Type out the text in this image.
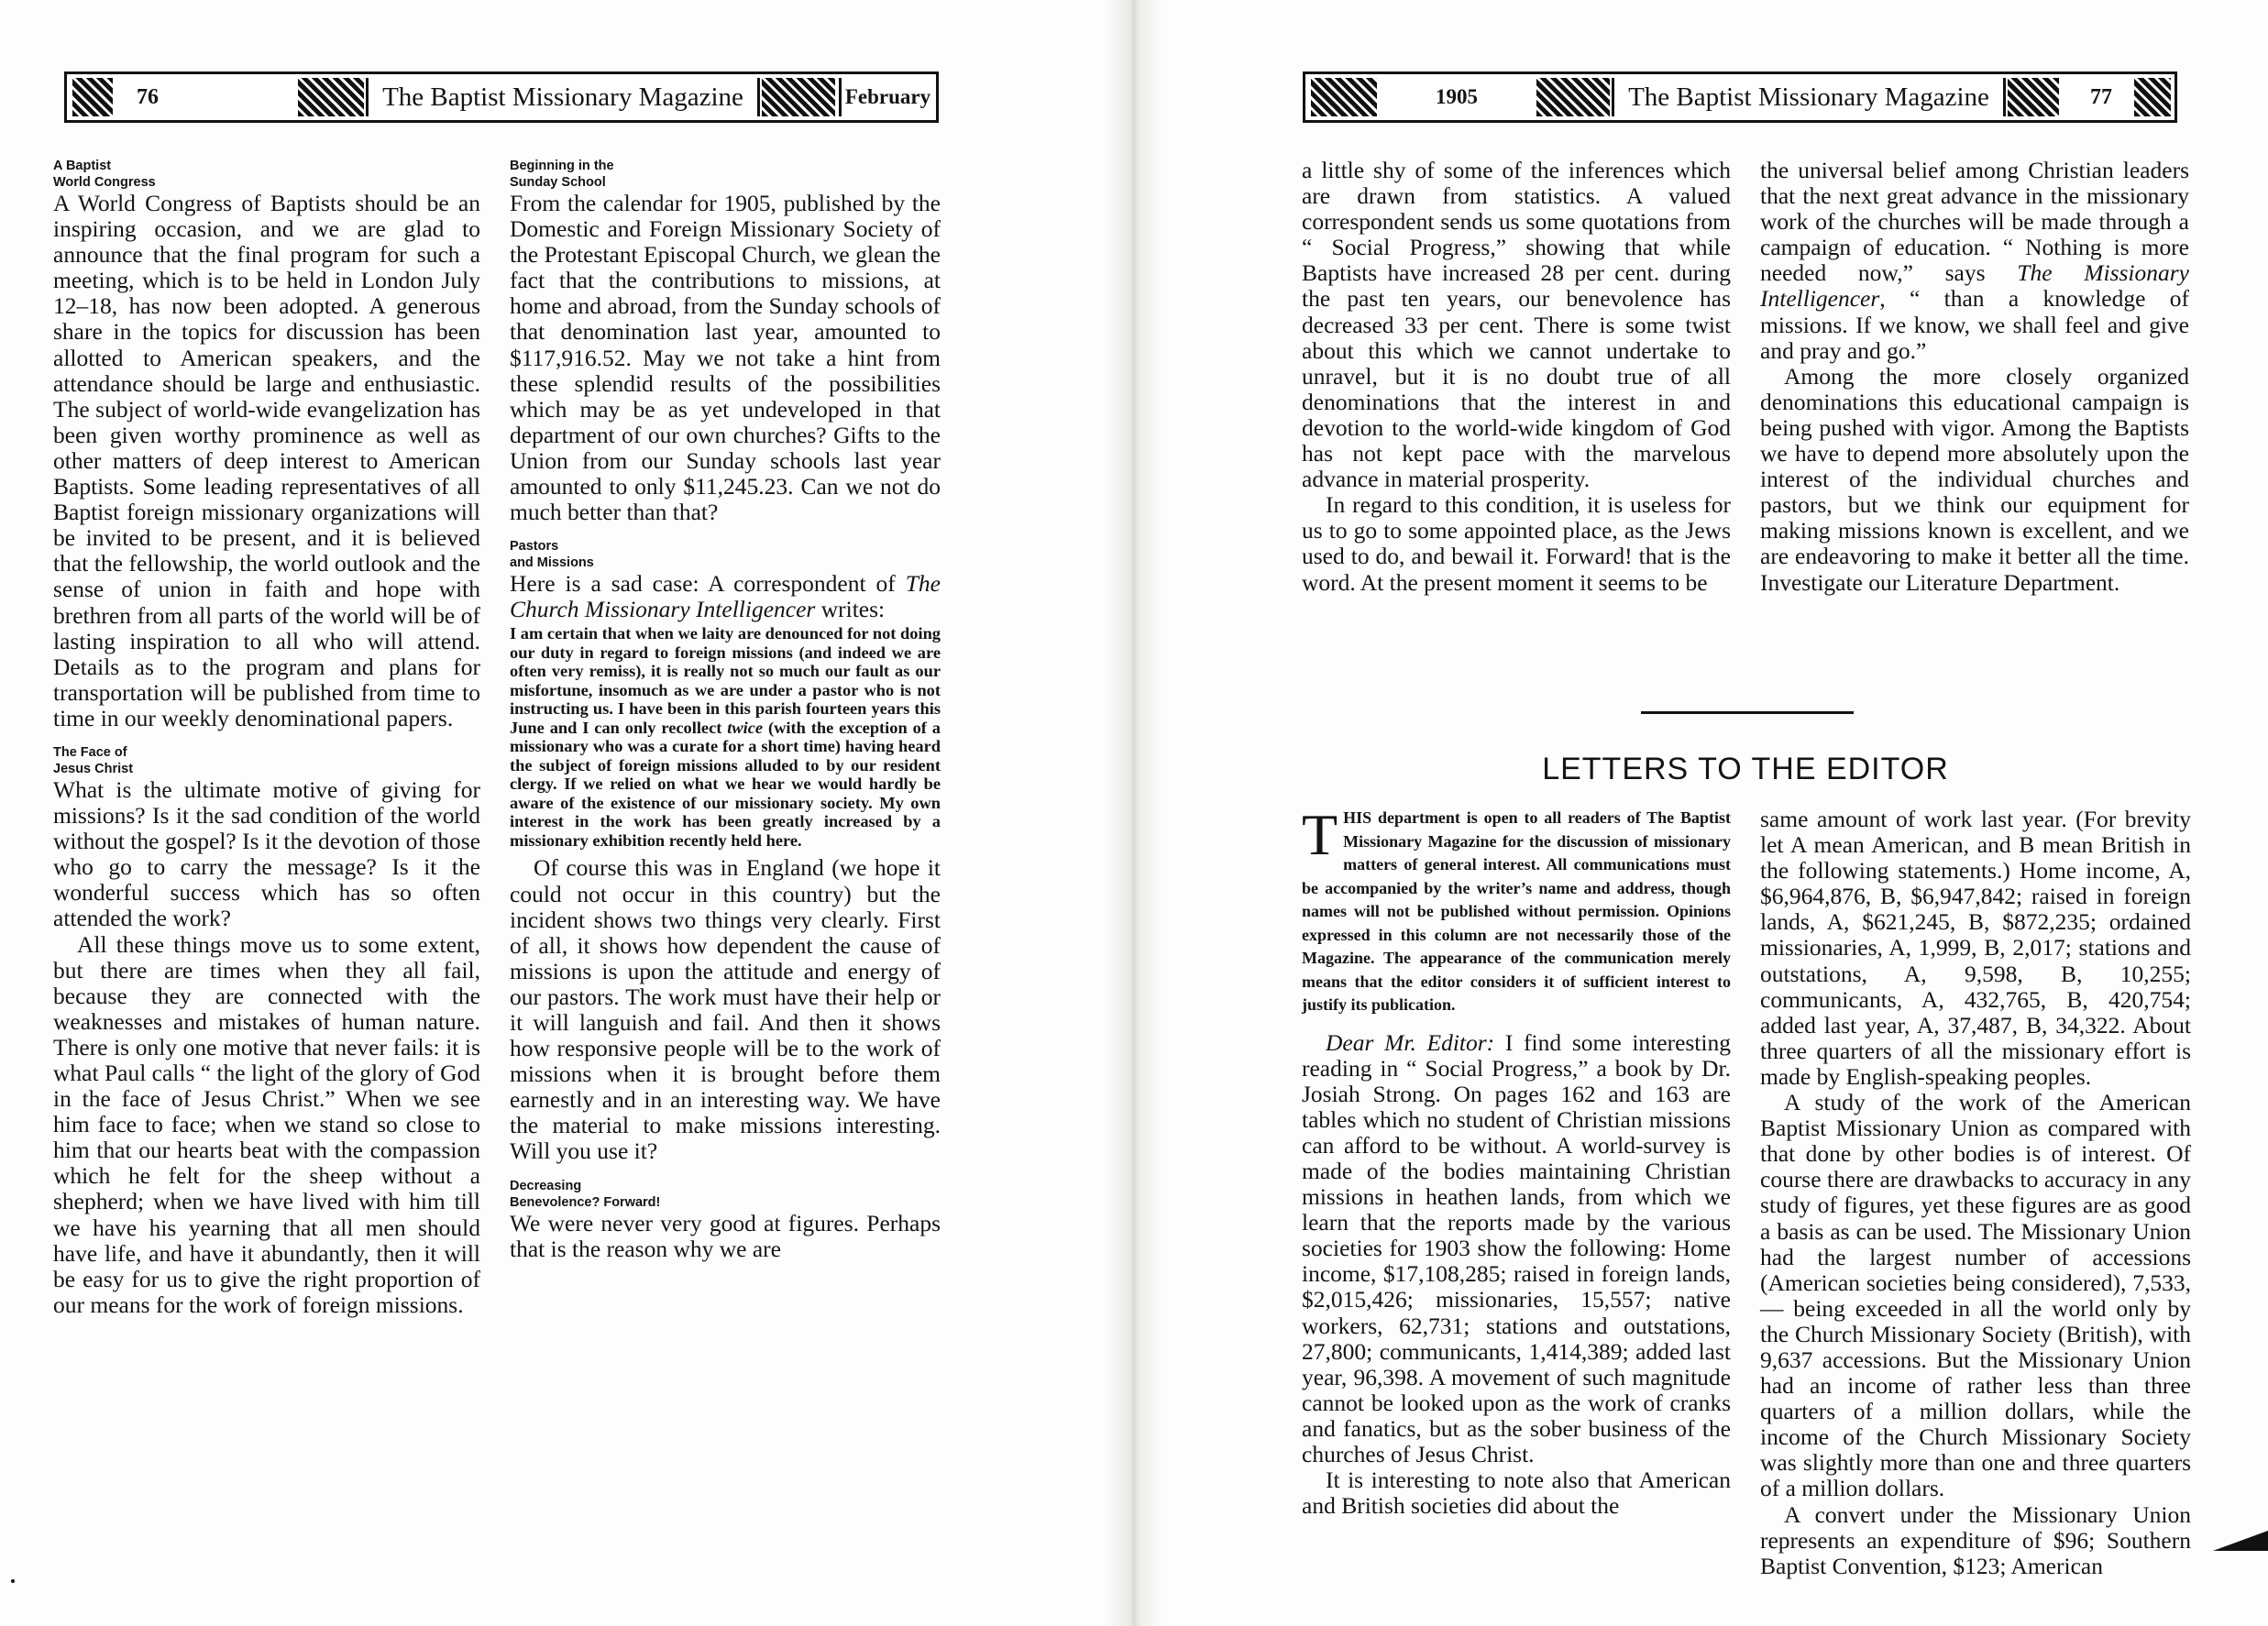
76	The Baptist Missionary Magazine	February	1905	The Baptist Missionary Magazine	77
A Baptist
World Congress

A World Congress of Baptists should be an inspiring occasion, and we are glad to announce that the final program for such a meeting, which is to be held in London July 12–18, has now been adopted. A generous share in the topics for discussion has been allotted to American speakers, and the attendance should be large and enthusiastic. The subject of world-wide evangelization has been given worthy prominence as well as other matters of deep interest to American Baptists. Some leading representatives of all Baptist foreign missionary organizations will be invited to be present, and it is believed that the fellowship, the world outlook and the sense of union in faith and hope with brethren from all parts of the world will be of lasting inspiration to all who will attend. Details as to the program and plans for transportation will be published from time to time in our weekly denominational papers.

The Face of
Jesus Christ

What is the ultimate motive of giving for missions? Is it the sad condition of the world without the gospel? Is it the devotion of those who go to carry the message? Is it the wonderful success which has so often attended the work?

All these things move us to some extent, but there are times when they all fail, because they are connected with the weaknesses and mistakes of human nature. There is only one motive that never fails: it is what Paul calls “ the light of the glory of God in the face of Jesus Christ.” When we see him face to face; when we stand so close to him that our hearts beat with the compassion which he felt for the sheep without a shepherd; when we have lived with him till we have his yearning that all men should have life, and have it abundantly, then it will be easy for us to give the right proportion of our means for the work of foreign missions.

Beginning in the
Sunday School

From the calendar for 1905, published by the Domestic and Foreign Missionary Society of the Protestant Episcopal Church, we glean the fact that the contributions to missions, at home and abroad, from the Sunday schools of that denomination last year, amounted to $117,916.52. May we not take a hint from these splendid results of the possibilities which may be as yet undeveloped in that department of our own churches? Gifts to the Union from our Sunday schools last year amounted to only $11,245.23. Can we not do much better than that?

Pastors
and Missions

Here is a sad case: A correspondent of The Church Missionary Intelligencer writes:

I am certain that when we laity are denounced for not doing our duty in regard to foreign missions (and indeed we are often very remiss), it is really not so much our fault as our misfortune, insomuch as we are under a pastor who is not instructing us. I have been in this parish fourteen years this June and I can only recollect twice (with the exception of a missionary who was a curate for a short time) having heard the subject of foreign missions alluded to by our resident clergy. If we relied on what we hear we would hardly be aware of the existence of our missionary society. My own interest in the work has been greatly increased by a missionary exhibition recently held here.

Of course this was in England (we hope it could not occur in this country) but the incident shows two things very clearly. First of all, it shows how dependent the cause of missions is upon the attitude and energy of our pastors. The work must have their help or it will languish and fail. And then it shows how responsive people will be to the work of missions when it is brought before them earnestly and in an interesting way. We have the material to make missions interesting. Will you use it?

Decreasing
Benevolence? Forward!

We were never very good at figures. Perhaps that is the reason why we are

a little shy of some of the inferences which are drawn from statistics. A valued correspondent sends us some quotations from “ Social Progress,” showing that while Baptists have increased 28 per cent. during the past ten years, our benevolence has decreased 33 per cent. There is some twist about this which we cannot undertake to unravel, but it is no doubt true of all denominations that the interest in and devotion to the world-wide kingdom of God has not kept pace with the marvelous advance in material prosperity.

In regard to this condition, it is useless for us to go to some appointed place, as the Jews used to do, and bewail it. Forward! that is the word. At the present moment it seems to be

the universal belief among Christian leaders that the next great advance in the missionary work of the churches will be made through a campaign of education. “ Nothing is more needed now,” says The Missionary Intelligencer, “ than a knowledge of missions. If we know, we shall feel and give and pray and go.”

Among the more closely organized denominations this educational campaign is being pushed with vigor. Among the Baptists we have to depend more absolutely upon the interest of the individual churches and pastors, but we think our equipment for making missions known is excellent, and we are endeavoring to make it better all the time. Investigate our Literature Department.

LETTERS TO THE EDITOR
THIS department is open to all readers of The Baptist Missionary Magazine for the discussion of missionary matters of general interest. All communications must be accompanied by the writer’s name and address, though names will not be published without permission. Opinions expressed in this column are not necessarily those of the Magazine. The appearance of the communication merely means that the editor considers it of sufficient interest to justify its publication.

Dear Mr. Editor: I find some interesting reading in “ Social Progress,” a book by Dr. Josiah Strong. On pages 162 and 163 are tables which no student of Christian missions can afford to be without. A world-survey is made of the bodies maintaining Christian missions in heathen lands, from which we learn that the reports made by the various societies for 1903 show the following: Home income, $17,108,285; raised in foreign lands, $2,015,426; missionaries, 15,557; native workers, 62,731; stations and outstations, 27,800; communicants, 1,414,389; added last year, 96,398. A movement of such magnitude cannot be looked upon as the work of cranks and fanatics, but as the sober business of the churches of Jesus Christ.

It is interesting to note also that American and British societies did about the

same amount of work last year. (For brevity let A mean American, and B mean British in the following statements.) Home income, A, $6,964,876, B, $6,947,842; raised in foreign lands, A, $621,245, B, $872,235; ordained missionaries, A, 1,999, B, 2,017; stations and outstations, A, 9,598, B, 10,255; communicants, A, 432,765, B, 420,754; added last year, A, 37,487, B, 34,322. About three quarters of all the missionary effort is made by English-speaking peoples.

A study of the work of the American Baptist Missionary Union as compared with that done by other bodies is of interest. Of course there are drawbacks to accuracy in any study of figures, yet these figures are as good a basis as can be used. The Missionary Union had the largest number of accessions (American societies being considered), 7,533, — being exceeded in all the world only by the Church Missionary Society (British), with 9,637 accessions. But the Missionary Union had an income of rather less than three quarters of a million dollars, while the income of the Church Missionary Society was slightly more than one and three quarters of a million dollars.

A convert under the Missionary Union represents an expenditure of $96; Southern Baptist Convention, $123; American
